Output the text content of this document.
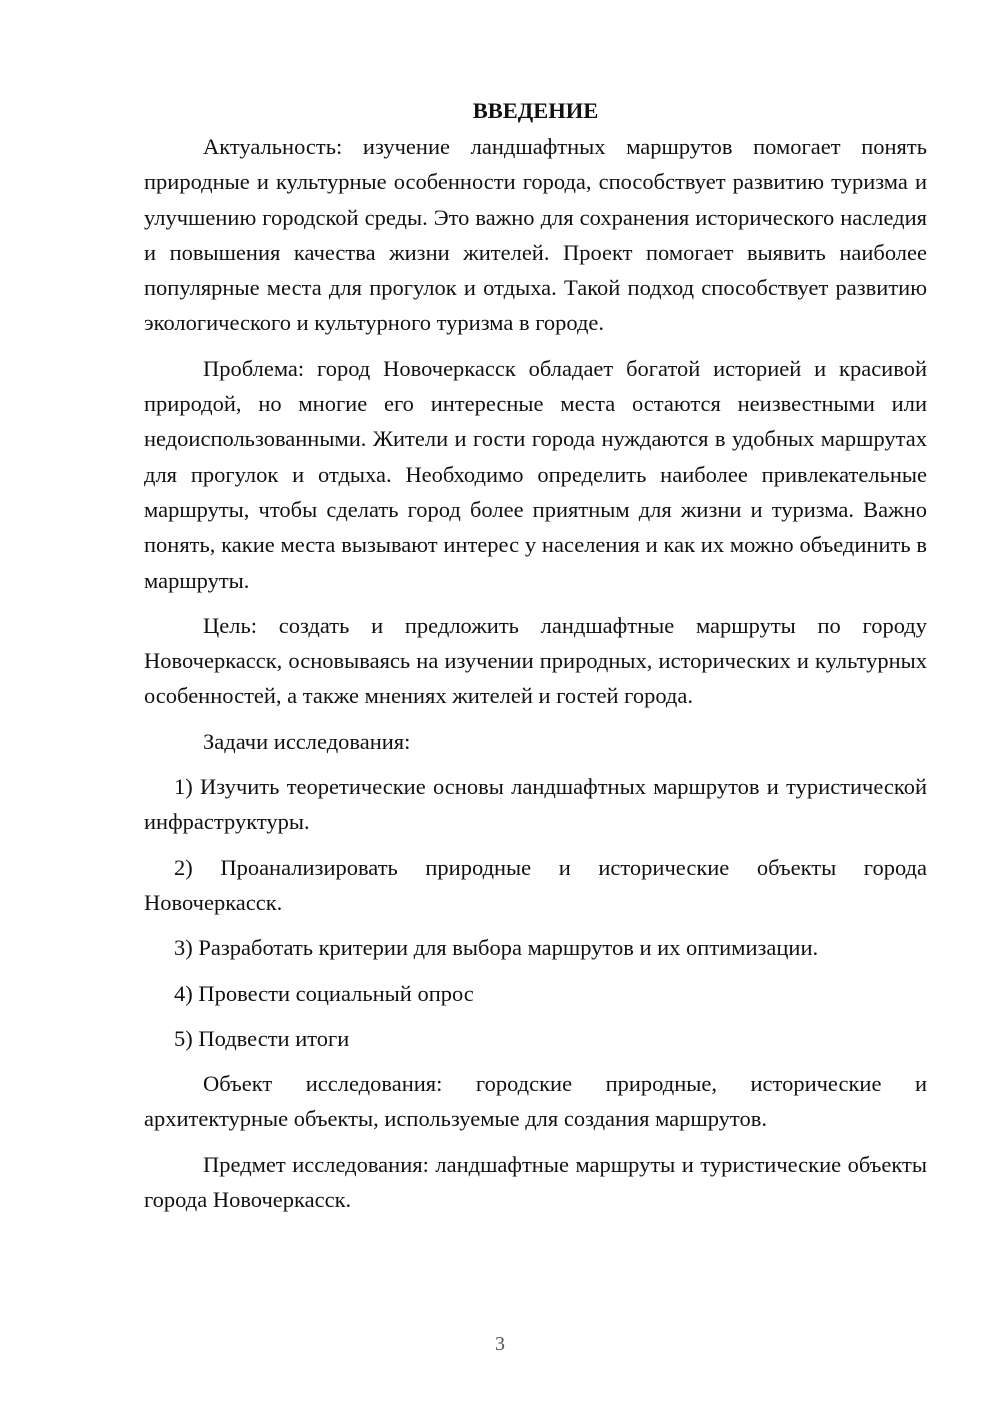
ВВЕДЕНИЕ

Актуальность: изучение ландшафтных маршрутов помогает понять природные и культурные особенности города, способствует развитию туризма и улучшению городской среды. Это важно для сохранения исторического наследия и повышения качества жизни жителей. Проект помогает выявить наиболее популярные места для прогулок и отдыха. Такой подход способствует развитию экологического и культурного туризма в городе.

Проблема: город Новочеркасск обладает богатой историей и красивой природой, но многие его интересные места остаются неизвестными или недоиспользованными. Жители и гости города нуждаются в удобных маршрутах для прогулок и отдыха. Необходимо определить наиболее привлекательные маршруты, чтобы сделать город более приятным для жизни и туризма. Важно понять, какие места вызывают интерес у населения и как их можно объединить в маршруты.

Цель: создать и предложить ландшафтные маршруты по городу Новочеркасск, основываясь на изучении природных, исторических и культурных особенностей, а также мнениях жителей и гостей города.

Задачи исследования:

1) Изучить теоретические основы ландшафтных маршрутов и туристической инфраструктуры.

2) Проанализировать природные и исторические объекты города Новочеркасск.

3) Разработать критерии для выбора маршрутов и их оптимизации.

4) Провести социальный опрос

5) Подвести итоги

Объект исследования: городские природные, исторические и архитектурные объекты, используемые для создания маршрутов.

Предмет исследования: ландшафтные маршруты и туристические объекты города Новочеркасск.

3
